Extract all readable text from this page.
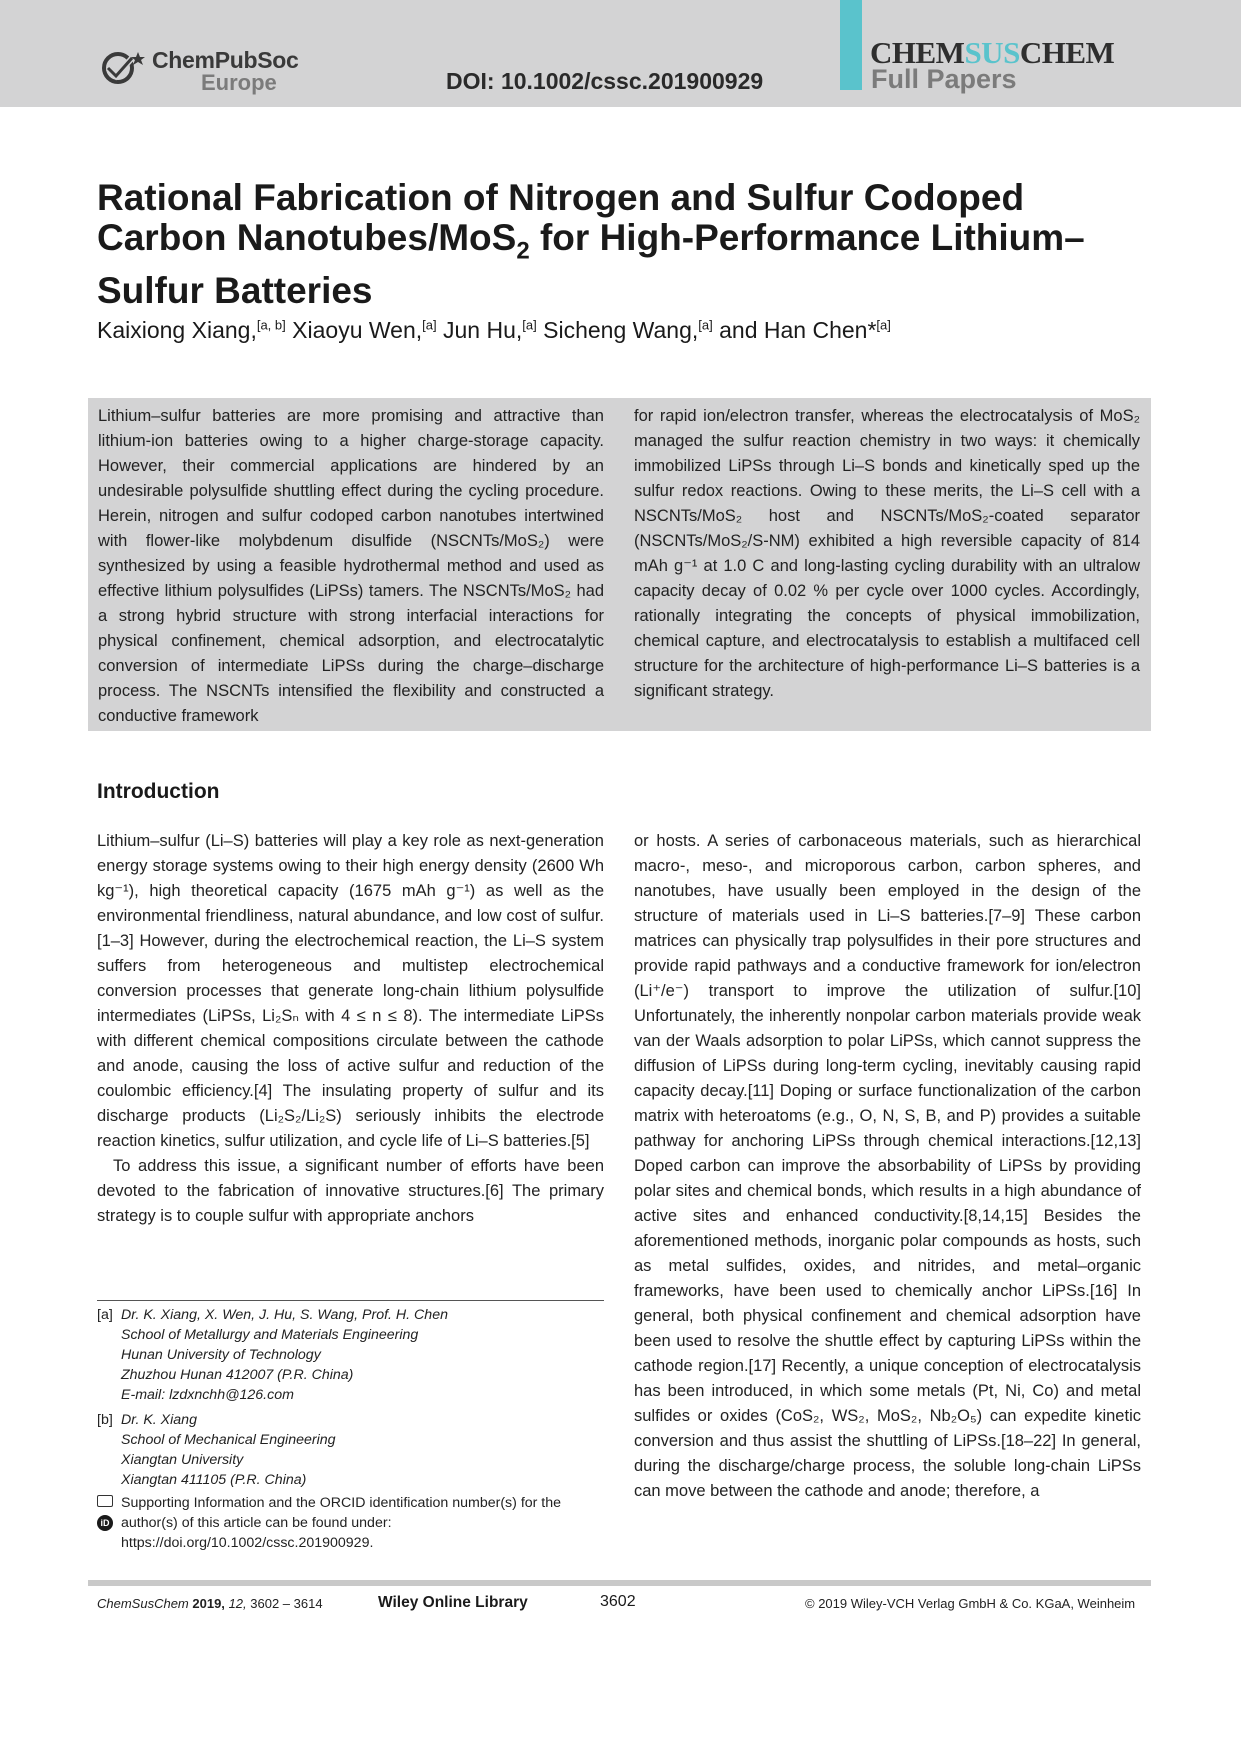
ChemPubSoc
Europe	DOI: 10.1002/cssc.201900929
CHEMSUSCHEM
Full Papers
Rational Fabrication of Nitrogen and Sulfur Codoped Carbon Nanotubes/MoS$_2$ for High-Performance Lithium–Sulfur Batteries
Kaixiong Xiang,[a, b] Xiaoyu Wen,[a] Jun Hu,[a] Sicheng Wang,[a] and Han Chen*[a]
Lithium–sulfur batteries are more promising and attractive than lithium-ion batteries owing to a higher charge-storage capacity. However, their commercial applications are hindered by an undesirable polysulfide shuttling effect during the cycling procedure. Herein, nitrogen and sulfur codoped carbon nanotubes intertwined with flower-like molybdenum disulfide (NSCNTs/MoS₂) were synthesized by using a feasible hydrothermal method and used as effective lithium polysulfides (LiPSs) tamers. The NSCNTs/MoS₂ had a strong hybrid structure with strong interfacial interactions for physical confinement, chemical adsorption, and electrocatalytic conversion of intermediate LiPSs during the charge–discharge process. The NSCNTs intensified the flexibility and constructed a conductive framework
for rapid ion/electron transfer, whereas the electrocatalysis of MoS₂ managed the sulfur reaction chemistry in two ways: it chemically immobilized LiPSs through Li–S bonds and kinetically sped up the sulfur redox reactions. Owing to these merits, the Li–S cell with a NSCNTs/MoS₂ host and NSCNTs/MoS₂-coated separator (NSCNTs/MoS₂/S-NM) exhibited a high reversible capacity of 814 mAh g⁻¹ at 1.0 C and long-lasting cycling durability with an ultralow capacity decay of 0.02 % per cycle over 1000 cycles. Accordingly, rationally integrating the concepts of physical immobilization, chemical capture, and electrocatalysis to establish a multifaced cell structure for the architecture of high-performance Li–S batteries is a significant strategy.
Introduction

Lithium–sulfur (Li–S) batteries will play a key role as next-generation energy storage systems owing to their high energy density (2600 Wh kg⁻¹), high theoretical capacity (1675 mAh g⁻¹) as well as the environmental friendliness, natural abundance, and low cost of sulfur.[1–3] However, during the electrochemical reaction, the Li–S system suffers from heterogeneous and multistep electrochemical conversion processes that generate long-chain lithium polysulfide intermediates (LiPSs, Li₂Sₙ with 4 ≤ n ≤ 8). The intermediate LiPSs with different chemical compositions circulate between the cathode and anode, causing the loss of active sulfur and reduction of the coulombic efficiency.[4] The insulating property of sulfur and its discharge products (Li₂S₂/Li₂S) seriously inhibits the electrode reaction kinetics, sulfur utilization, and cycle life of Li–S batteries.[5]

To address this issue, a significant number of efforts have been devoted to the fabrication of innovative structures.[6] The primary strategy is to couple sulfur with appropriate anchors

or hosts. A series of carbonaceous materials, such as hierarchical macro-, meso-, and microporous carbon, carbon spheres, and nanotubes, have usually been employed in the design of the structure of materials used in Li–S batteries.[7–9] These carbon matrices can physically trap polysulfides in their pore structures and provide rapid pathways and a conductive framework for ion/electron (Li⁺/e⁻) transport to improve the utilization of sulfur.[10] Unfortunately, the inherently nonpolar carbon materials provide weak van der Waals adsorption to polar LiPSs, which cannot suppress the diffusion of LiPSs during long-term cycling, inevitably causing rapid capacity decay.[11] Doping or surface functionalization of the carbon matrix with heteroatoms (e.g., O, N, S, B, and P) provides a suitable pathway for anchoring LiPSs through chemical interactions.[12,13] Doped carbon can improve the absorbability of LiPSs by providing polar sites and chemical bonds, which results in a high abundance of active sites and enhanced conductivity.[8,14,15] Besides the aforementioned methods, inorganic polar compounds as hosts, such as metal sulfides, oxides, and nitrides, and metal–organic frameworks, have been used to chemically anchor LiPSs.[16] In general, both physical confinement and chemical adsorption have been used to resolve the shuttle effect by capturing LiPSs within the cathode region.[17] Recently, a unique conception of electrocatalysis has been introduced, in which some metals (Pt, Ni, Co) and metal sulfides or oxides (CoS₂, WS₂, MoS₂, Nb₂O₅) can expedite kinetic conversion and thus assist the shuttling of LiPSs.[18–22] In general, during the discharge/charge process, the soluble long-chain LiPSs can move between the cathode and anode; therefore, a

[a] Dr. K. Xiang, X. Wen, J. Hu, S. Wang, Prof. H. Chen
School of Metallurgy and Materials Engineering
Hunan University of Technology
Zhuzhou Hunan 412007 (P.R. China)
E-mail: lzdxnchh@126.com
[b] Dr. K. Xiang
School of Mechanical Engineering
Xiangtan University
Xiangtan 411105 (P.R. China)
iD
Supporting Information and the ORCID identification number(s) for the author(s) of this article can be found under: https://doi.org/10.1002/cssc.201900929.
ChemSusChem 2019, 12, 3602 – 3614	Wiley Online Library	3602	© 2019 Wiley-VCH Verlag GmbH & Co. KGaA, Weinheim
